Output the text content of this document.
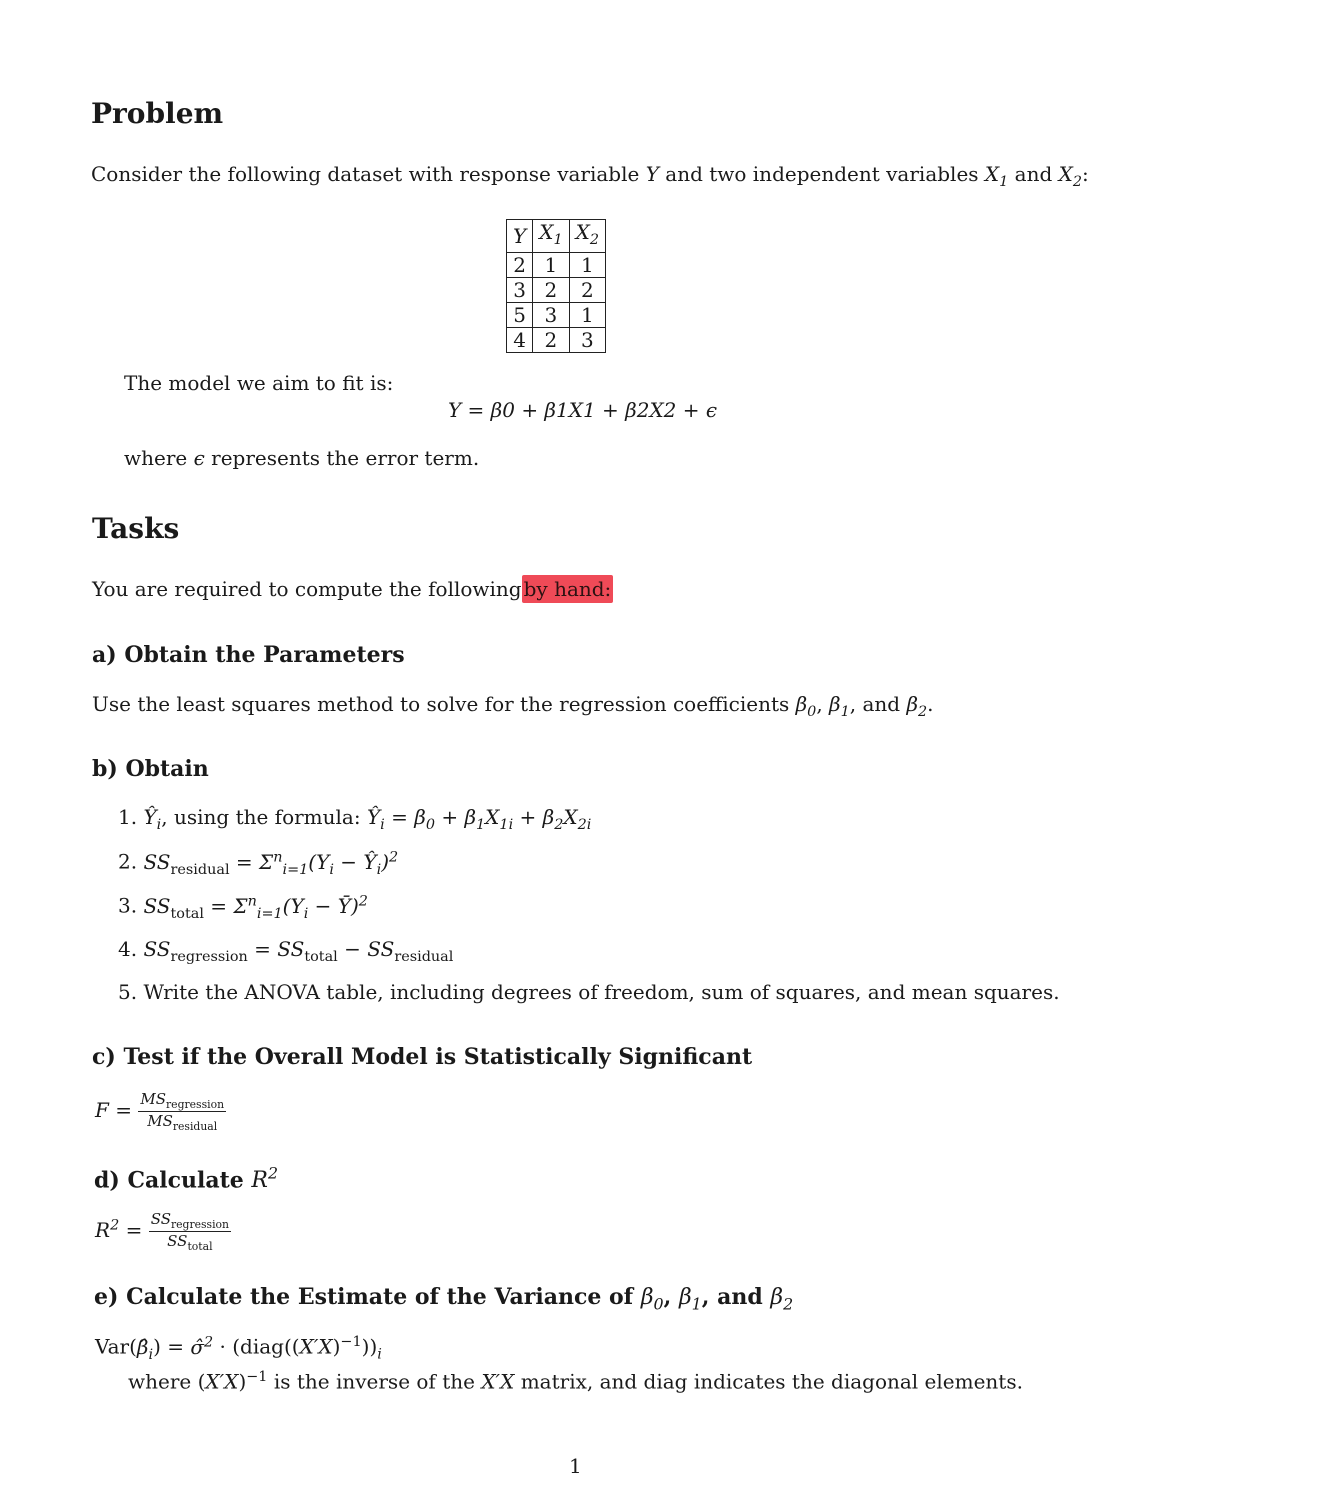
Problem
Consider the following dataset with response variable Y and two independent variables $X_1$ and $X_2$:
Y	$X_1$	$X_2$
2	1	1
3	2	2
5	3	1
4	2	3
The model we aim to fit is:
Y = β0 + β1X1 + β2X2 + ϵ
where ϵ represents the error term.
Tasks
You are required to compute the following by hand:
a) Obtain the Parameters
Use the least squares method to solve for the regression coefficients $\beta_0$, $\beta_1$, and $\beta_2$.
b) Obtain
1. $Ŷ_i$, using the formula: $Ŷ_i = \beta_0 + \beta_1X_{1i} + \beta_2X_{2i}$
2. $SS_{residual} = \Sigma^n_{i=1}(Y_i$ − $Ŷ_i)^2$
3. $SS_{total} = \Sigma^n_{i=1}(Y_i$ − Ȳ)$^2$
4. $SS_{regression} = SS_{total} - SS_{residual}$
5. Write the ANOVA table, including degrees of freedom, sum of squares, and mean squares.
c) Test if the Overall Model is Statistically Significant
$F = \frac{MS_{regression}}{MS_{residual}}$
d) Calculate $R^2$
$R^2 = \frac{SS_{regression}}{SS_{total}}$
e) Calculate the Estimate of the Variance of $\beta_0$, $\beta_1$, and $\beta_2$
$Var(\betâ_i)$ = σ̂$^2$ · $(diag((X'X)^{-1}))_i$
where $(X'X)^{-1}$ is the inverse of the X′X matrix, and diag indicates the diagonal elements.
1
